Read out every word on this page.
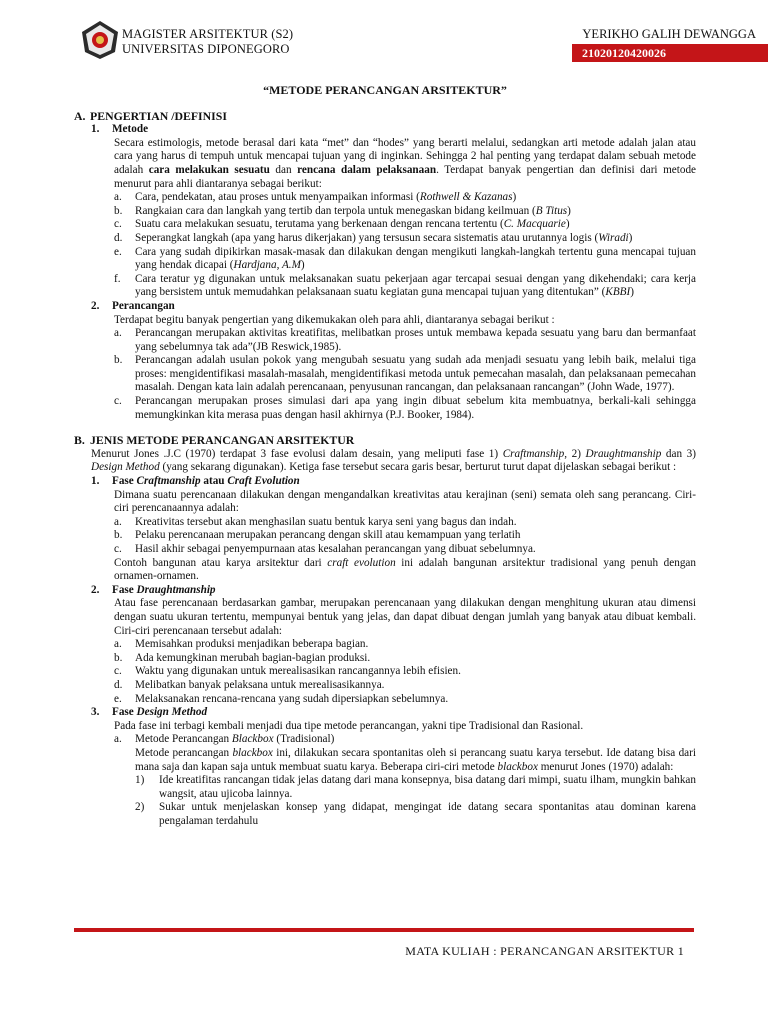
MAGISTER ARSITEKTUR (S2)
UNIVERSITAS DIPONEGORO
YERIKHO GALIH DEWANGGA
21020120420026
“METODE PERANCANGAN ARSITEKTUR”
A. PENGERTIAN /DEFINISI
1. Metode
Secara estimologis, metode berasal dari kata “met” dan “hodes” yang berarti melalui, sedangkan arti metode adalah jalan atau cara yang harus di tempuh untuk mencapai tujuan yang di inginkan. Sehingga 2 hal penting yang terdapat dalam sebuah metode adalah cara melakukan sesuatu dan rencana dalam pelaksanaan. Terdapat banyak pengertian dan definisi dari metode menurut para ahli diantaranya sebagai berikut:
a. Cara, pendekatan, atau proses untuk menyampaikan informasi (Rothwell & Kazanas)
b. Rangkaian cara dan langkah yang tertib dan terpola untuk menegaskan bidang keilmuan (B Titus)
c. Suatu cara melakukan sesuatu, terutama yang berkenaan dengan rencana tertentu (C. Macquarie)
d. Seperangkat langkah (apa yang harus dikerjakan) yang tersusun secara sistematis atau urutannya logis (Wiradi)
e. Cara yang sudah dipikirkan masak-masak dan dilakukan dengan mengikuti langkah-langkah tertentu guna mencapai tujuan yang hendak dicapai (Hardjana, A.M)
f. Cara teratur yg digunakan untuk melaksanakan suatu pekerjaan agar tercapai sesuai dengan yang dikehendaki; cara kerja yang bersistem untuk memudahkan pelaksanaan suatu kegiatan guna mencapai tujuan yang ditentukan” (KBBI)
2. Perancangan
Terdapat begitu banyak pengertian yang dikemukakan oleh para ahli, diantaranya sebagai berikut :
a. Perancangan merupakan aktivitas kreatifitas, melibatkan proses untuk membawa kepada sesuatu yang baru dan bermanfaat yang sebelumnya tak ada”(JB Reswick,1985).
b. Perancangan adalah usulan pokok yang mengubah sesuatu yang sudah ada menjadi sesuatu yang lebih baik, melalui tiga proses: mengidentifikasi masalah-masalah, mengidentifikasi metoda untuk pemecahan masalah, dan pelaksanaan pemecahan masalah. Dengan kata lain adalah perencanaan, penyusunan rancangan, dan pelaksanaan rancangan” (John Wade, 1977).
c. Perancangan merupakan proses simulasi dari apa yang ingin dibuat sebelum kita membuatnya, berkali-kali sehingga memungkinkan kita merasa puas dengan hasil akhirnya (P.J. Booker, 1984).
B. JENIS METODE PERANCANGAN ARSITEKTUR
Menurut Jones .J.C (1970) terdapat 3 fase evolusi dalam desain, yang meliputi fase 1) Craftmanship, 2) Draughtmanship dan 3) Design Method (yang sekarang digunakan). Ketiga fase tersebut secara garis besar, berturut turut dapat dijelaskan sebagai berikut :
1. Fase Craftmanship atau Craft Evolution
Dimana suatu perencanaan dilakukan dengan mengandalkan kreativitas atau kerajinan (seni) semata oleh sang perancang. Ciri-ciri perencanaannya adalah:
a. Kreativitas tersebut akan menghasilan suatu bentuk karya seni yang bagus dan indah.
b. Pelaku perencanaan merupakan perancang dengan skill atau kemampuan yang terlatih
c. Hasil akhir sebagai penyempurnaan atas kesalahan perancangan yang dibuat sebelumnya.
Contoh bangunan atau karya arsitektur dari craft evolution ini adalah bangunan arsitektur tradisional yang penuh dengan ornamen-ornamen.
2. Fase Draughtmanship
Atau fase perencanaan berdasarkan gambar, merupakan perencanaan yang dilakukan dengan menghitung ukuran atau dimensi dengan suatu ukuran tertentu, mempunyai bentuk yang jelas, dan dapat dibuat dengan jumlah yang banyak atau dibuat kembali. Ciri-ciri perencanaan tersebut adalah:
a. Memisahkan produksi menjadikan beberapa bagian.
b. Ada kemungkinan merubah bagian-bagian produksi.
c. Waktu yang digunakan untuk merealisasikan rancangannya lebih efisien.
d. Melibatkan banyak pelaksana untuk merealisasikannya.
e. Melaksanakan rencana-rencana yang sudah dipersiapkan sebelumnya.
3. Fase Design Method
Pada fase ini terbagi kembali menjadi dua tipe metode perancangan, yakni tipe Tradisional dan Rasional.
a. Metode Perancangan Blackbox (Tradisional)
Metode perancangan blackbox ini, dilakukan secara spontanitas oleh si perancang suatu karya tersebut. Ide datang bisa dari mana saja dan kapan saja untuk membuat suatu karya. Beberapa ciri-ciri metode blackbox menurut Jones (1970) adalah:
1) Ide kreatifitas rancangan tidak jelas datang dari mana konsepnya, bisa datang dari mimpi, suatu ilham, mungkin bahkan wangsit, atau ujicoba lainnya.
2) Sukar untuk menjelaskan konsep yang didapat, mengingat ide datang secara spontanitas atau dominan karena pengalaman terdahulu
MATA KULIAH : PERANCANGAN ARSITEKTUR 1
